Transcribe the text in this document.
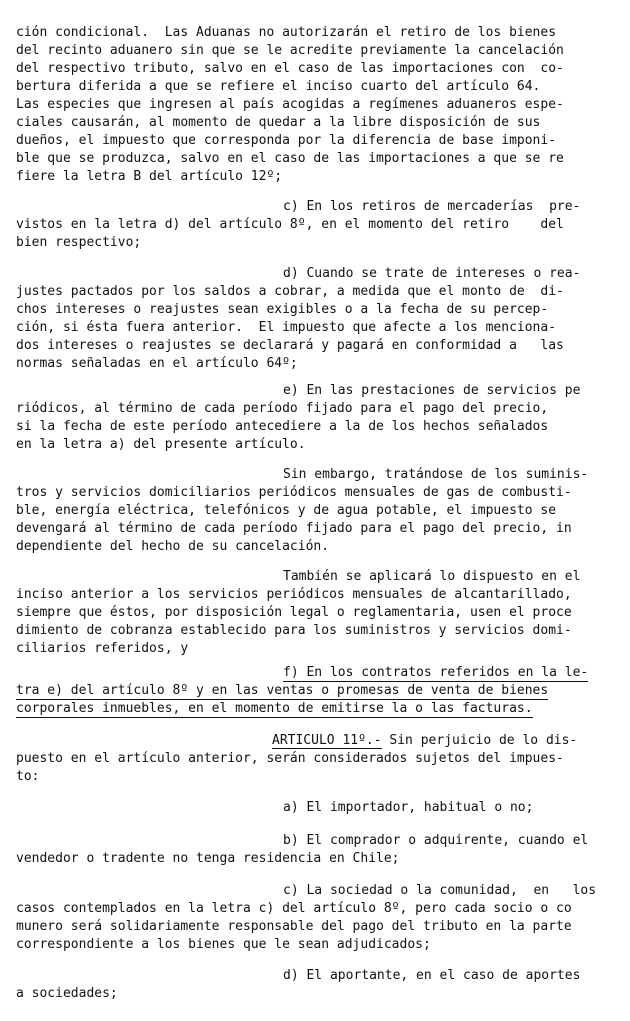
ción condicional.  Las Aduanas no autorizarán el retiro de los bienes
del recinto aduanero sin que se le acredite previamente la cancelación
del respectivo tributo, salvo en el caso de las importaciones con  co-
bertura diferida a que se refiere el inciso cuarto del artículo 64.
Las especies que ingresen al país acogidas a regímenes aduaneros espe-
ciales causarán, al momento de quedar a la libre disposición de sus
dueños, el impuesto que corresponda por la diferencia de base imponi-
ble que se produzca, salvo en el caso de las importaciones a que se re
fiere la letra B del artículo 12º;
c) En los retiros de mercaderías  pre-
vistos en la letra d) del artículo 8º, en el momento del retiro    del
bien respectivo;
d) Cuando se trate de intereses o rea-
justes pactados por los saldos a cobrar, a medida que el monto de  di-
chos intereses o reajustes sean exigibles o a la fecha de su percep-
ción, si ésta fuera anterior.  El impuesto que afecte a los menciona-
dos intereses o reajustes se declarará y pagará en conformidad a   las
normas señaladas en el artículo 64º;
e) En las prestaciones de servicios pe
riódicos, al término de cada período fijado para el pago del precio,
si la fecha de este período antecediere a la de los hechos señalados
en la letra a) del presente artículo.
Sin embargo, tratándose de los suminis-
tros y servicios domiciliarios periódicos mensuales de gas de combusti-
ble, energía eléctrica, telefónicos y de agua potable, el impuesto se
devengará al término de cada período fijado para el pago del precio, in
dependiente del hecho de su cancelación.
También se aplicará lo dispuesto en el
inciso anterior a los servicios periódicos mensuales de alcantarillado,
siempre que éstos, por disposición legal o reglamentaria, usen el proce
dimiento de cobranza establecido para los suministros y servicios domi-
ciliarios referidos, y
f) En los contratos referidos en la le-
tra e) del artículo 8º y en las ventas o promesas de venta de bienes
corporales inmuebles, en el momento de emitirse la o las facturas.
ARTICULO 11º.- Sin perjuicio de lo dis-
puesto en el artículo anterior, serán considerados sujetos del impues-
to:
a) El importador, habitual o no;
b) El comprador o adquirente, cuando el
vendedor o tradente no tenga residencia en Chile;
c) La sociedad o la comunidad,  en   los
casos contemplados en la letra c) del artículo 8º, pero cada socio o co
munero será solidariamente responsable del pago del tributo en la parte
correspondiente a los bienes que le sean adjudicados;
d) El aportante, en el caso de aportes
a sociedades;
